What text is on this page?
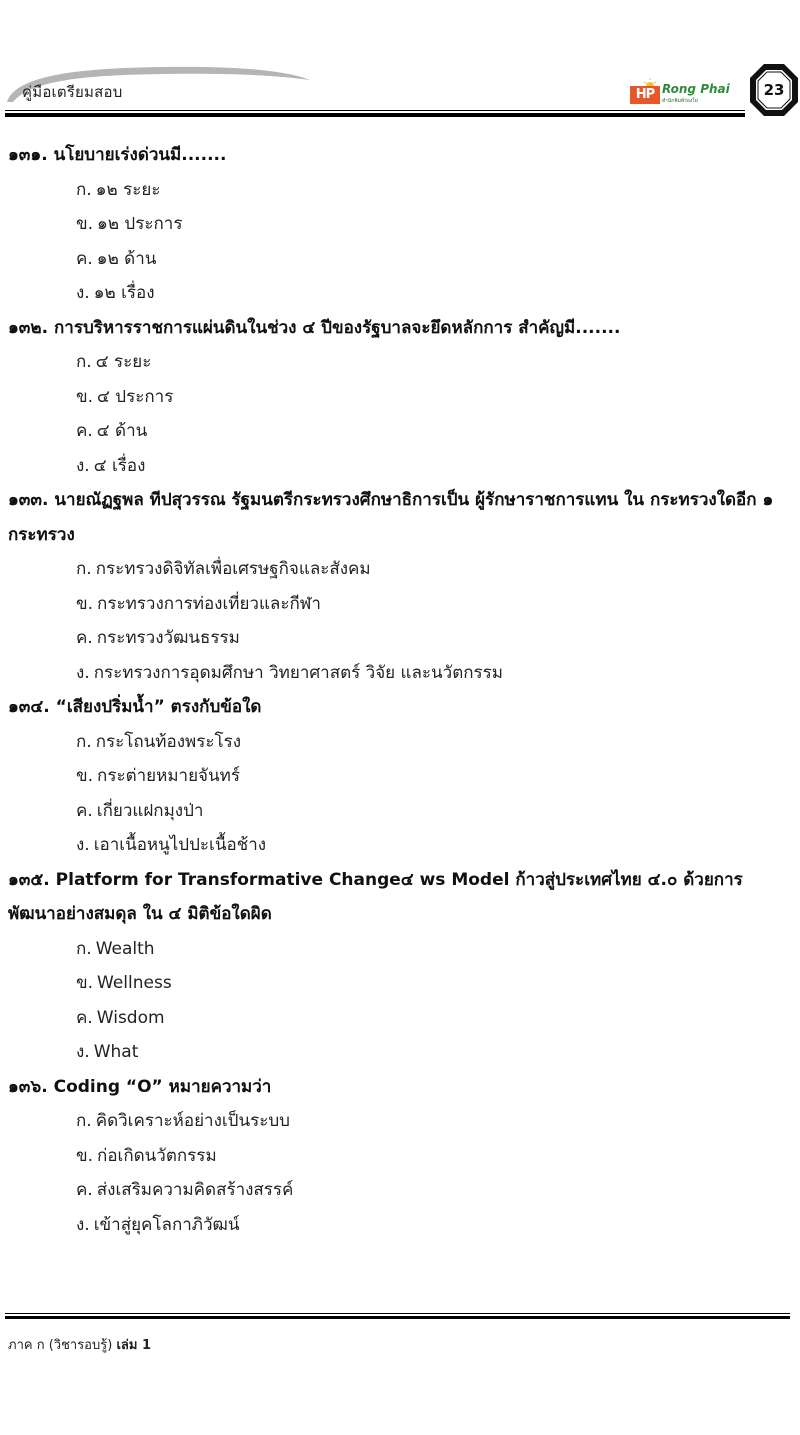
คู่มือเตรียมสอบ	HP Rong Phai
สำนักพิมพ์ร่องไผ่
23
๑๓๑. นโยบายเร่งด่วนมี.......
ก. ๑๒ ระยะ
ข. ๑๒ ประการ
ค. ๑๒ ด้าน
ง. ๑๒ เรื่อง
๑๓๒. การบริหารราชการแผ่นดินในช่วง ๔ ปีของรัฐบาลจะยึดหลักการ สำคัญมี.......
ก. ๔ ระยะ
ข. ๔ ประการ
ค. ๔ ด้าน
ง. ๔ เรื่อง
๑๓๓. นายณัฏฐพล ทีปสุวรรณ รัฐมนตรีกระทรวงศึกษาธิการเป็น ผู้รักษาราชการแทน ใน กระทรวงใดอีก ๑ กระทรวง
ก. กระทรวงดิจิทัลเพื่อเศรษฐกิจและสังคม
ข. กระทรวงการท่องเที่ยวและกีฬา
ค. กระทรวงวัฒนธรรม
ง. กระทรวงการอุดมศึกษา วิทยาศาสตร์ วิจัย และนวัตกรรม
๑๓๔. “เสียงปริ่มน้ำ” ตรงกับข้อใด
ก. กระโถนท้องพระโรง
ข. กระต่ายหมายจันทร์
ค. เกี่ยวแฝกมุงป่า
ง. เอาเนื้อหนูไปปะเนื้อช้าง
๑๓๕. Platform for Transformative Change๔ ws Model ก้าวสู่ประเทศไทย ๔.๐ ด้วยการพัฒนาอย่างสมดุล ใน ๔ มิติข้อใดผิด
ก. Wealth
ข. Wellness
ค. Wisdom
ง. What
๑๓๖. Coding “O” หมายความว่า
ก. คิดวิเคราะห์อย่างเป็นระบบ
ข. ก่อเกิดนวัตกรรม
ค. ส่งเสริมความคิดสร้างสรรค์
ง. เข้าสู่ยุคโลกาภิวัฒน์
ภาค ก (วิชารอบรู้) เล่ม 1
